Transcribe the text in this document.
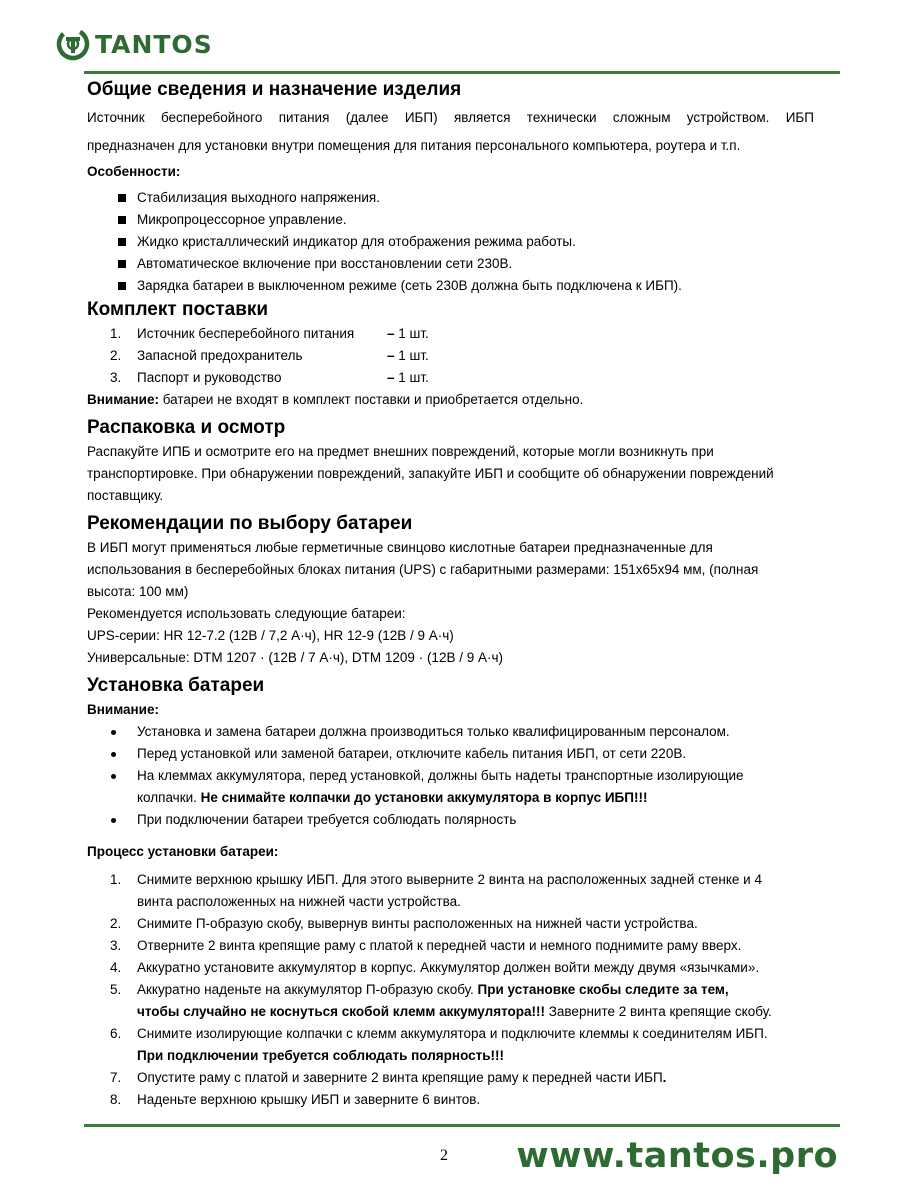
TANTOS
Общие сведения и назначение изделия

Источник бесперебойного питания (далее ИБП) является технически сложным устройством. ИБП

предназначен для установки внутри помещения для питания персонального компьютера, роутера и т.п.

Особенности:

Стабилизация выходного напряжения.
Микропроцессорное управление.
Жидко кристаллический индикатор для отображения режима работы.
Автоматическое включение при восстановлении сети 230В.
Зарядка батареи в выключенном режиме (сеть 230В должна быть подключена к ИБП).
Комплект поставки
1. Источник бесперебойного питания – 1 шт.
2. Запасной предохранитель	– 1 шт.
3. Паспорт и руководство	– 1 шт.

Внимание: батареи не входят в комплект поставки и приобретается отдельно.

Распаковка и осмотр

Распакуйте ИПБ и осмотрите его на предмет внешних повреждений, которые могли возникнуть при

транспортировке. При обнаружении повреждений, запакуйте ИБП и сообщите об обнаружении повреждений

поставщику.

Рекомендации по выбору батареи

В ИБП могут применяться любые герметичные свинцово кислотные батареи предназначенные для

использования в бесперебойных блоках питания (UPS) с габаритными размерами: 151х65х94 мм, (полная

высота: 100 мм)

Рекомендуется использовать следующие батареи:

UPS-серии: HR 12-7.2 (12В / 7,2 А·ч), HR 12-9 (12В / 9 А·ч)

Универсальные: DTM 1207 · (12В / 7 А·ч), DTM 1209 · (12В / 9 А·ч)

Установка батареи

Внимание:

Установка и замена батареи должна производиться только квалифицированным персоналом.
Перед установкой или заменой батареи, отключите кабель питания ИБП, от сети 220В.
На клеммах аккумулятора, перед установкой, должны быть надеты транспортные изолирующие
колпачки. Не снимайте колпачки до установки аккумулятора в корпус ИБП!!!
При подключении батареи требуется соблюдать полярность

Процесс установки батареи:

1. Снимите верхнюю крышку ИБП. Для этого выверните 2 винта на расположенных задней стенке и 4
винта расположенных на нижней части устройства.
2. Снимите П-образую скобу, вывернув винты расположенных на нижней части устройства.
3. Отверните 2 винта крепящие раму с платой к передней части и немного поднимите раму вверх.
4. Аккуратно установите аккумулятор в корпус. Аккумулятор должен войти между двумя «язычками».
5. Аккуратно наденьте на аккумулятор П-образую скобу. При установке скобы следите за тем,
чтобы случайно не коснуться скобой клемм аккумулятора!!! Заверните 2 винта крепящие скобу.
6. Снимите изолирующие колпачки с клемм аккумулятора и подключите клеммы к соединителям ИБП.
При подключении требуется соблюдать полярность!!!
7. Опустите раму с платой и заверните 2 винта крепящие раму к передней части ИБП.
8. Наденьте верхнюю крышку ИБП и заверните 6 винтов.
2 www.tantos.pro
